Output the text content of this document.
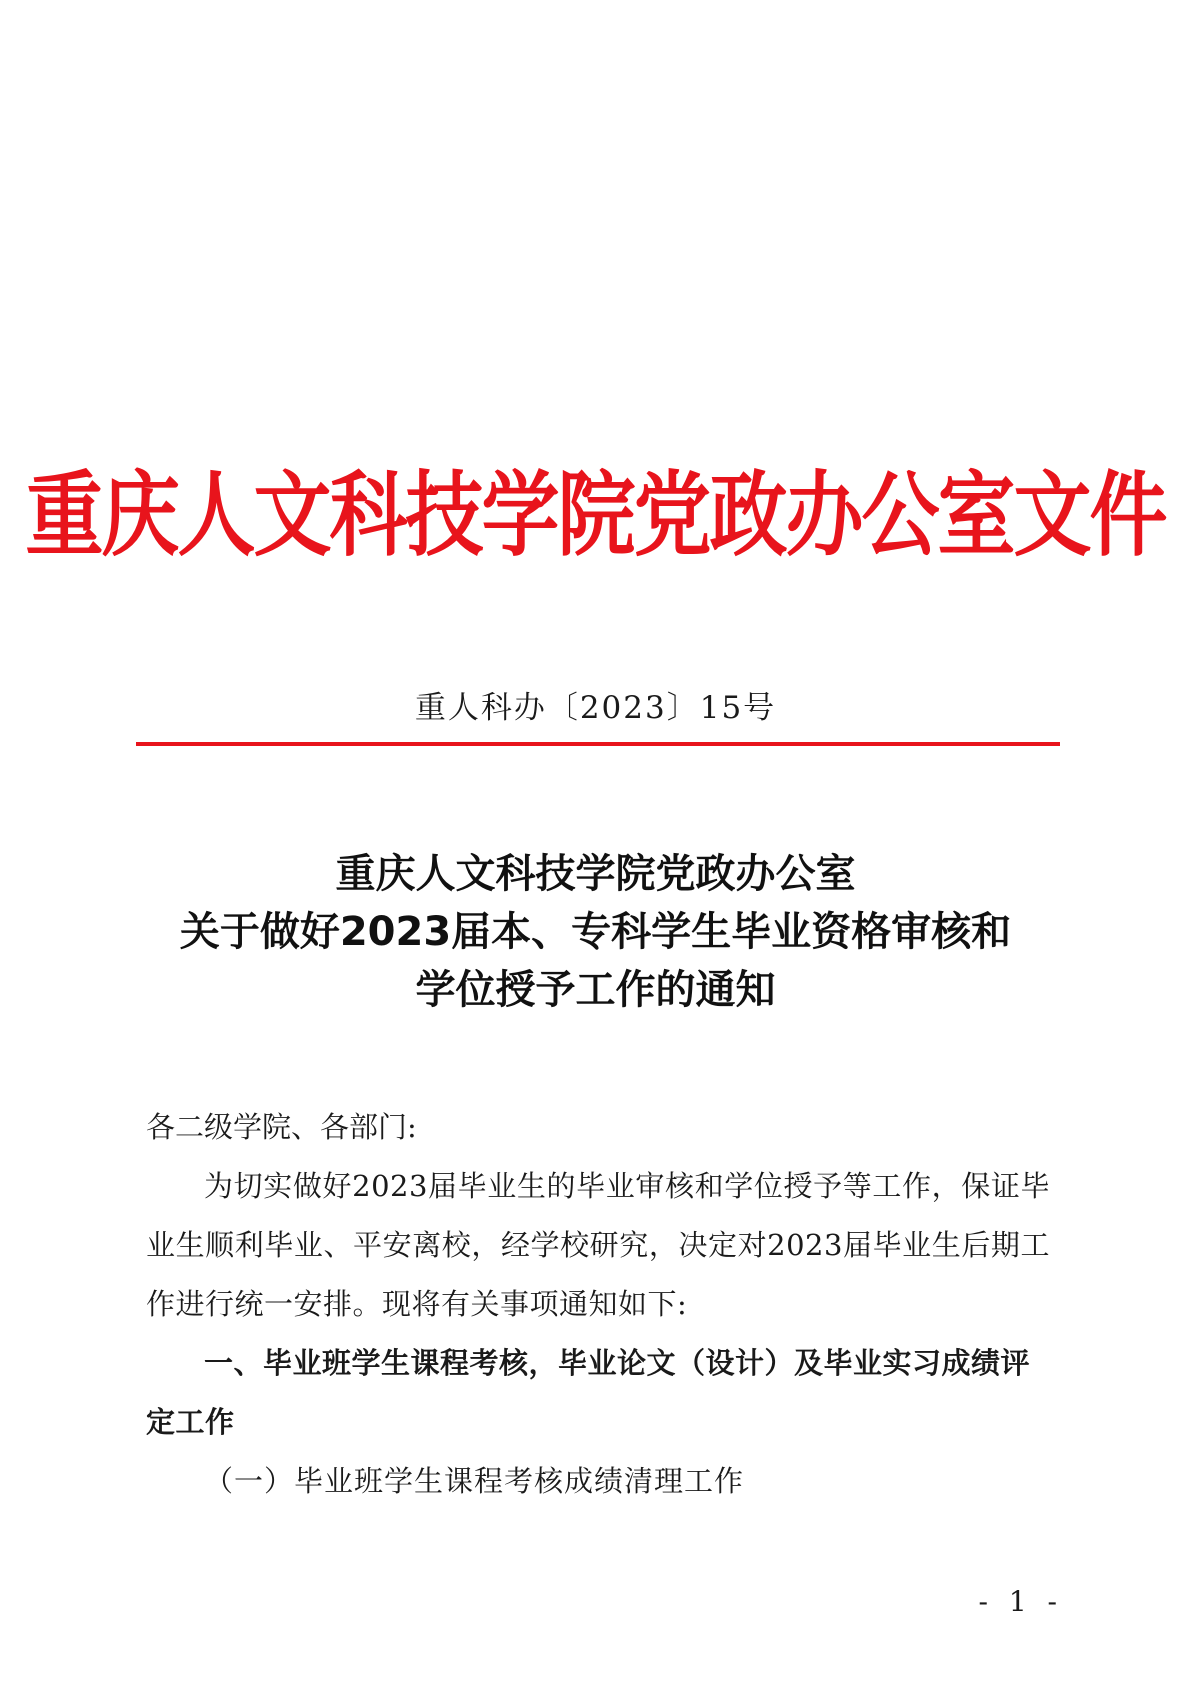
重庆人文科技学院党政办公室文件
重人科办〔2023〕15号
重庆人文科技学院党政办公室
关于做好2023届本、专科学生毕业资格审核和
学位授予工作的通知

各二级学院、各部门:

为切实做好2023届毕业生的毕业审核和学位授予等工作，保证毕业生顺利毕业、平安离校，经学校研究，决定对2023届毕业生后期工作进行统一安排。现将有关事项通知如下:

一、毕业班学生课程考核，毕业论文（设计）及毕业实习成绩评定工作

（一）毕业班学生课程考核成绩清理工作

- 1 -
